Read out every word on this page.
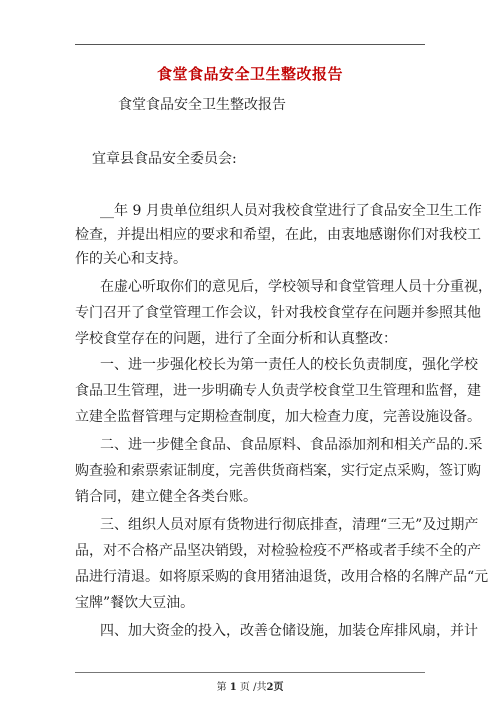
食堂食品安全卫生整改报告
食堂食品安全卫生整改报告
宜章县食品安全委员会:
__年 9 月贵单位组织人员对我校食堂进行了食品安全卫生工作
检查，并提出相应的要求和希望，在此，由衷地感谢你们对我校工
作的关心和支持。
在虚心听取你们的意见后，学校领导和食堂管理人员十分重视，
专门召开了食堂管理工作会议，针对我校食堂存在问题并参照其他
学校食堂存在的问题，进行了全面分析和认真整改：
一、进一步强化校长为第一责任人的校长负责制度，强化学校
食品卫生管理，进一步明确专人负责学校食堂卫生管理和监督，建
立建全监督管理与定期检查制度，加大检查力度，完善设施设备。
二、进一步健全食品、食品原料、食品添加剂和相关产品的.采
购查验和索票索证制度，完善供货商档案，实行定点采购，签订购
销合同，建立健全各类台账。
三、组织人员对原有货物进行彻底排查，清理“三无”及过期产
品，对不合格产品坚决销毁，对检验检疫不严格或者手续不全的产
品进行清退。如将原采购的食用猪油退货，改用合格的名牌产品“元
宝牌”餐饮大豆油。
四、加大资金的投入，改善仓储设施，加装仓库排风扇，并计
第 1 页 /共2页
